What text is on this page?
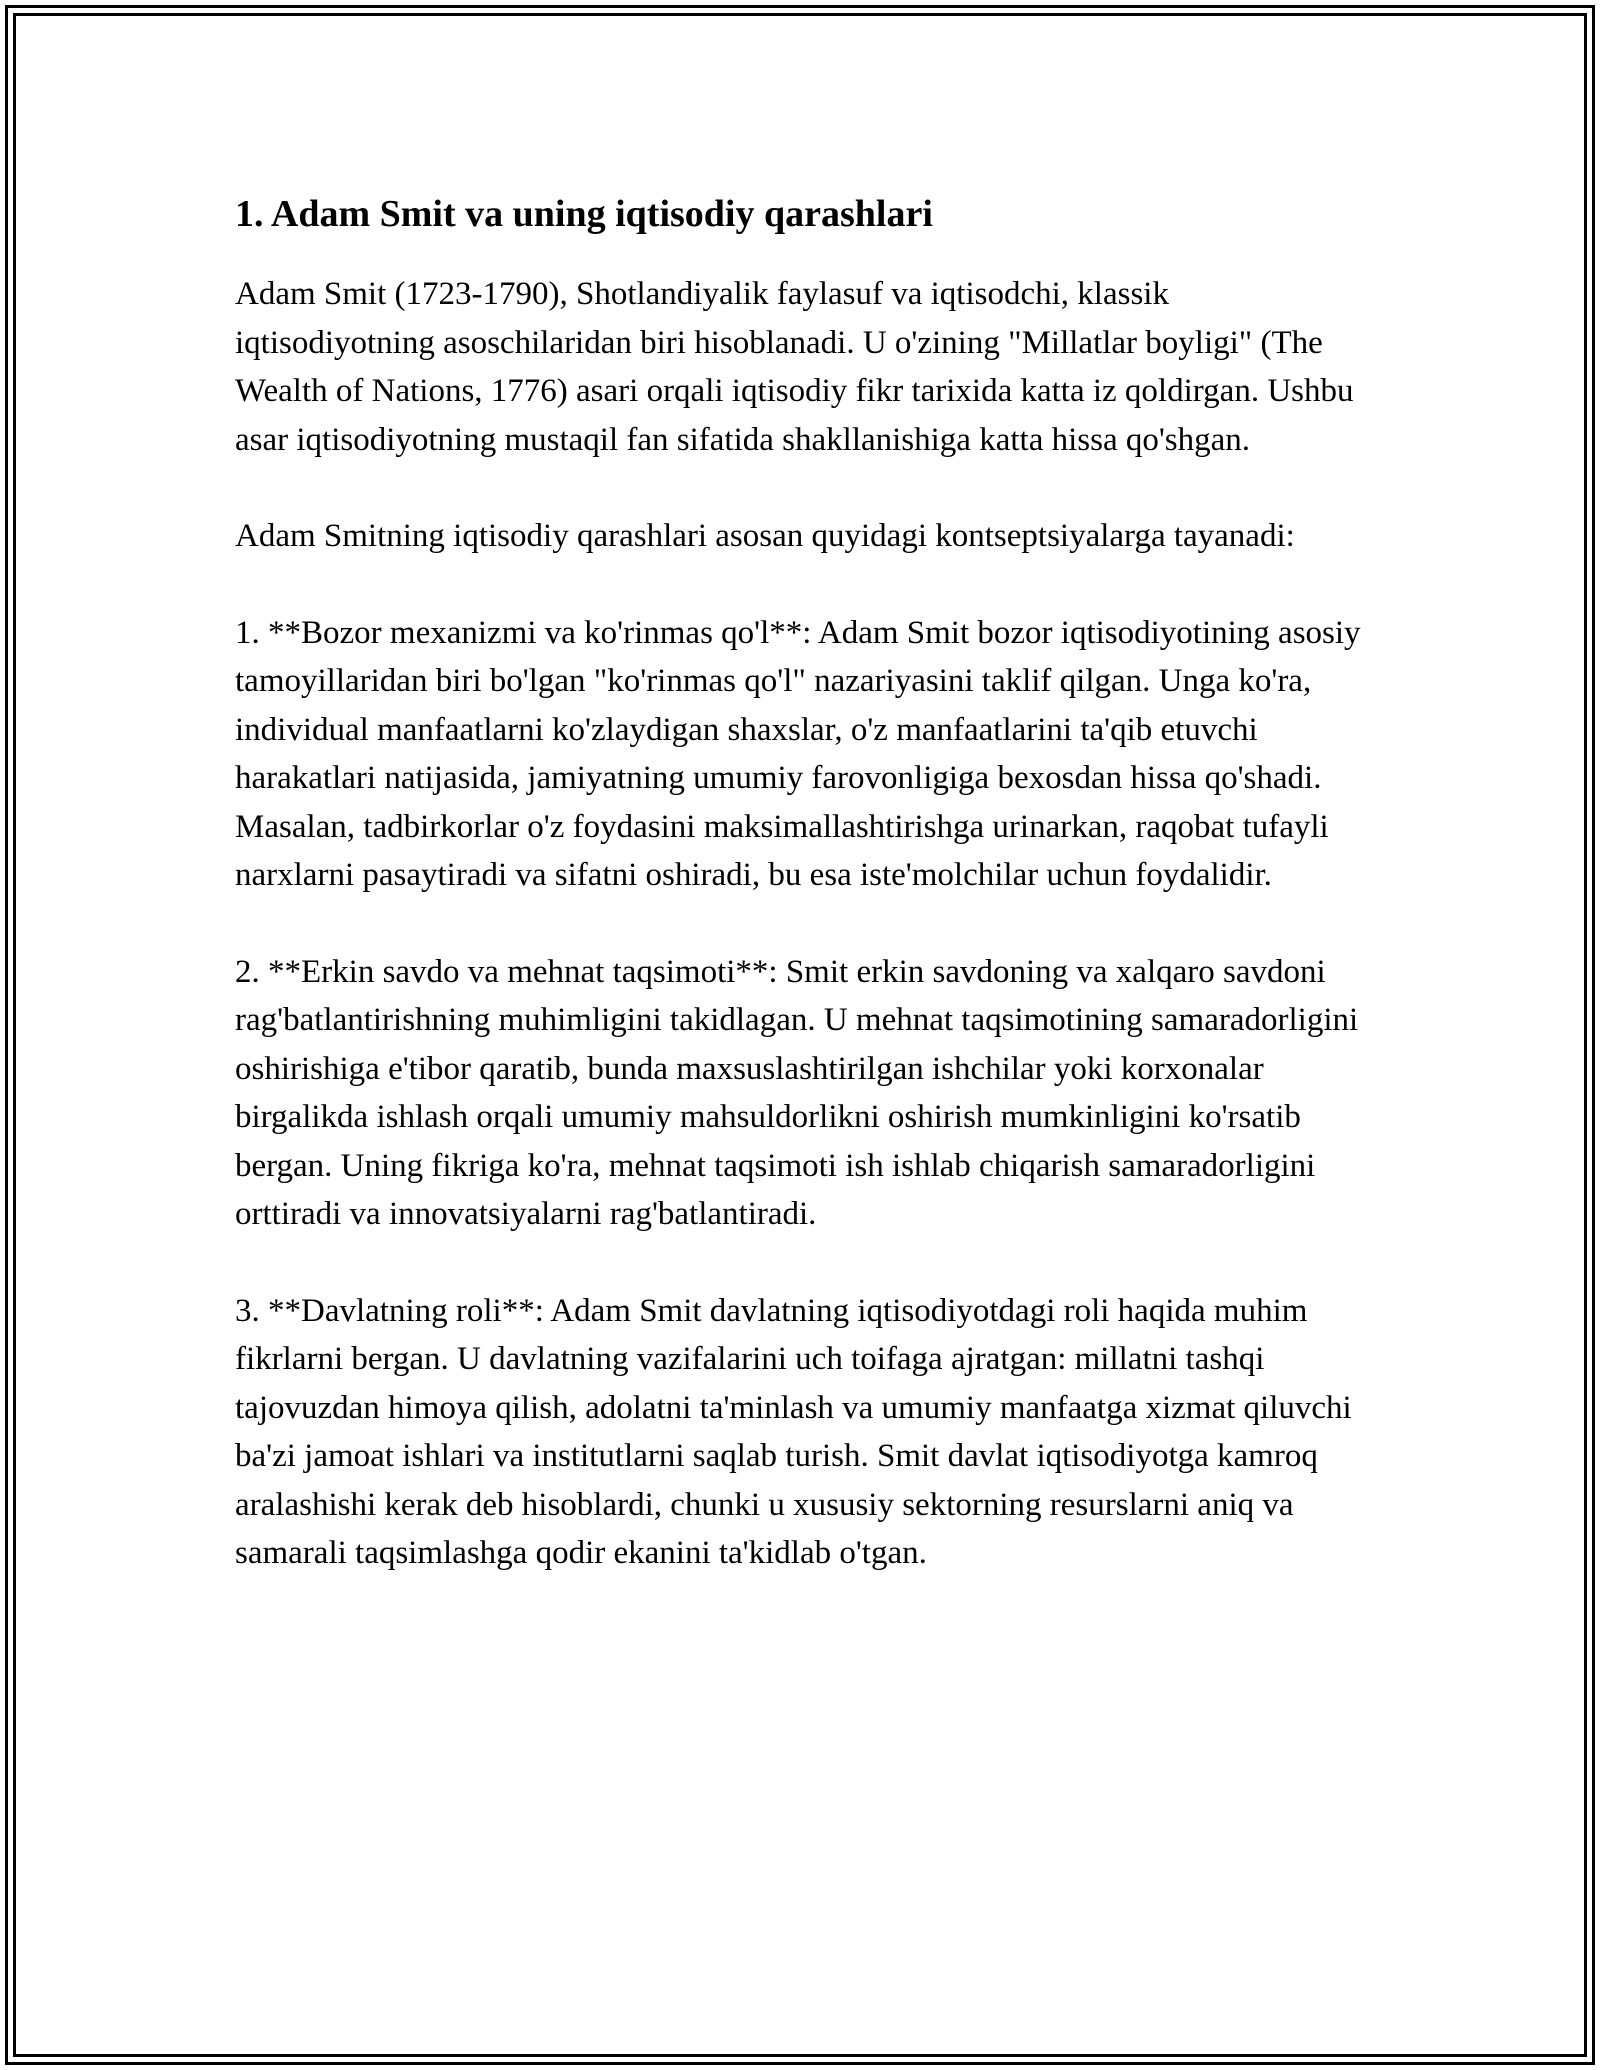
1. Adam Smit va uning iqtisodiy qarashlari

Adam Smit (1723-1790), Shotlandiyalik faylasuf va iqtisodchi, klassik iqtisodiyotning asoschilaridan biri hisoblanadi. U o'zining "Millatlar boyligi" (The Wealth of Nations, 1776) asari orqali iqtisodiy fikr tarixida katta iz qoldirgan. Ushbu asar iqtisodiyotning mustaqil fan sifatida shakllanishiga katta hissa qo'shgan.

Adam Smitning iqtisodiy qarashlari asosan quyidagi kontseptsiyalarga tayanadi:

1. **Bozor mexanizmi va ko'rinmas qo'l**: Adam Smit bozor iqtisodiyotining asosiy tamoyillaridan biri bo'lgan "ko'rinmas qo'l" nazariyasini taklif qilgan. Unga ko'ra, individual manfaatlarni ko'zlaydigan shaxslar, o'z manfaatlarini ta'qib etuvchi harakatlari natijasida, jamiyatning umumiy farovonligiga bexosdan hissa qo'shadi. Masalan, tadbirkorlar o'z foydasini maksimallashtirishga urinarkan, raqobat tufayli narxlarni pasaytiradi va sifatni oshiradi, bu esa iste'molchilar uchun foydalidir.

2. **Erkin savdo va mehnat taqsimoti**: Smit erkin savdoning va xalqaro savdoni rag'batlantirishning muhimligini takidlagan. U mehnat taqsimotining samaradorligini oshirishiga e'tibor qaratib, bunda maxsuslashtirilgan ishchilar yoki korxonalar birgalikda ishlash orqali umumiy mahsuldorlikni oshirish mumkinligini ko'rsatib bergan. Uning fikriga ko'ra, mehnat taqsimoti ish ishlab chiqarish samaradorligini orttiradi va innovatsiyalarni rag'batlantiradi.

3. **Davlatning roli**: Adam Smit davlatning iqtisodiyotdagi roli haqida muhim fikrlarni bergan. U davlatning vazifalarini uch toifaga ajratgan: millatni tashqi tajovuzdan himoya qilish, adolatni ta'minlash va umumiy manfaatga xizmat qiluvchi ba'zi jamoat ishlari va institutlarni saqlab turish. Smit davlat iqtisodiyotga kamroq aralashishi kerak deb hisoblardi, chunki u xususiy sektorning resurslarni aniq va samarali taqsimlashga qodir ekanini ta'kidlab o'tgan.
